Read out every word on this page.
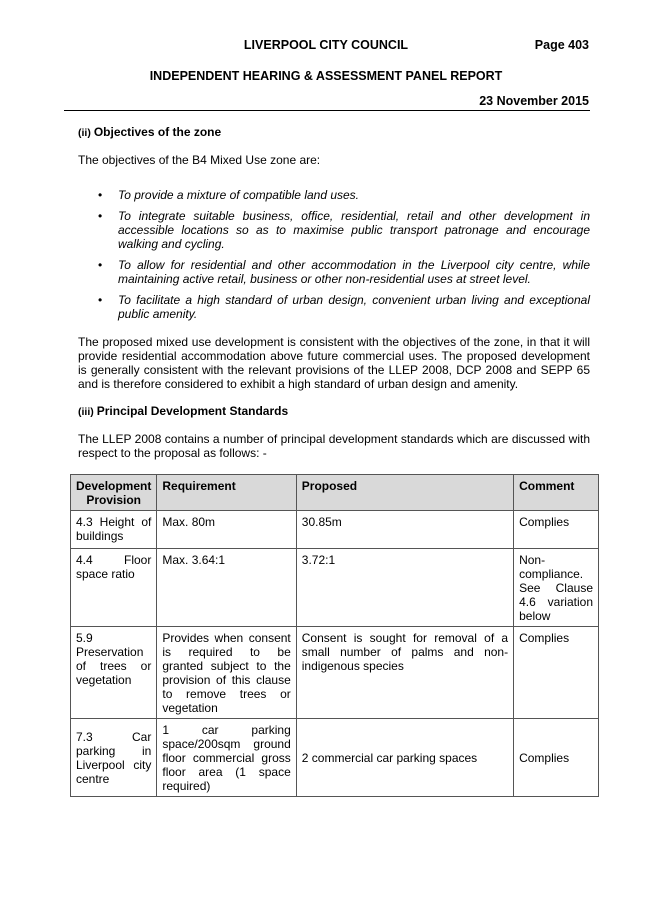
LIVERPOOL CITY COUNCIL	Page 403
INDEPENDENT HEARING & ASSESSMENT PANEL REPORT
23 November 2015
(ii) Objectives of the zone
The objectives of the B4 Mixed Use zone are:
• To provide a mixture of compatible land uses.
• To integrate suitable business, office, residential, retail and other development in accessible locations so as to maximise public transport patronage and encourage walking and cycling.
• To allow for residential and other accommodation in the Liverpool city centre, while maintaining active retail, business or other non-residential uses at street level.
• To facilitate a high standard of urban design, convenient urban living and exceptional public amenity.
The proposed mixed use development is consistent with the objectives of the zone, in that it will provide residential accommodation above future commercial uses. The proposed development is generally consistent with the relevant provisions of the LLEP 2008, DCP 2008 and SEPP 65 and is therefore considered to exhibit a high standard of urban design and amenity.
(iii) Principal Development Standards
The LLEP 2008 contains a number of principal development standards which are discussed with respect to the proposal as follows: -
Development Provision	Requirement	Proposed	Comment
4.3 Height of buildings	Max. 80m	30.85m	Complies
4.4 Floor space ratio	Max. 3.64:1	3.72:1	Non-compliance. See Clause 4.6 variation below
5.9 Preservation of trees or vegetation	Provides when consent is required to be granted subject to the provision of this clause to remove trees or vegetation	Consent is sought for removal of a small number of palms and non-indigenous species	Complies
7.3 Car parking in Liverpool city centre	1 car parking space/200sqm ground floor commercial gross floor area (1 space required)	2 commercial car parking spaces	Complies
